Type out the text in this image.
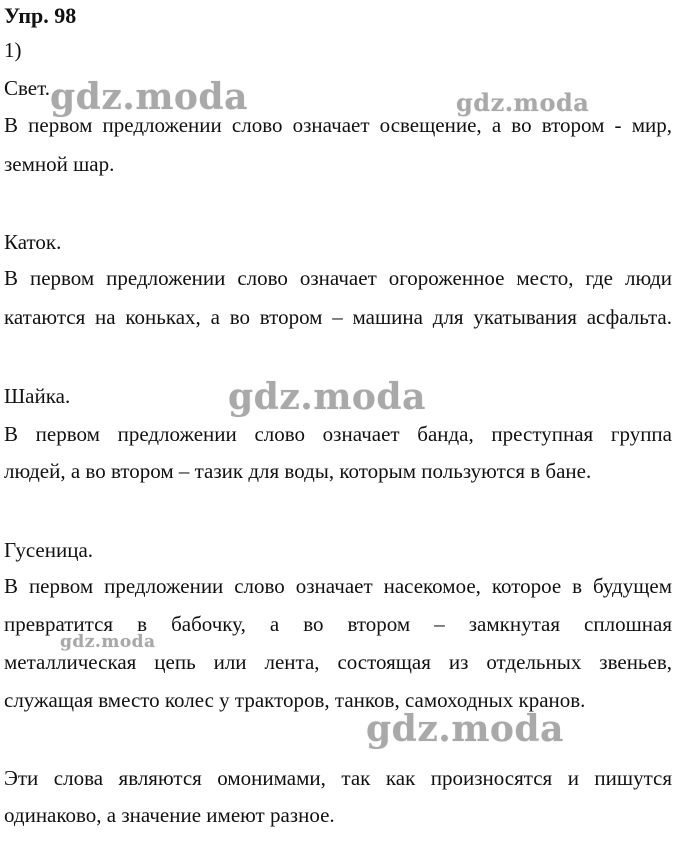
Упр. 98
1)
Свет.
В первом предложении слово означает освещение, а во втором - мир,
земной шар.
Каток.
В первом предложении слово означает огороженное место, где люди
катаются на коньках, а во втором – машина для укатывания асфальта.
Шайка.
В первом предложении слово означает банда, преступная группа
людей, а во втором – тазик для воды, которым пользуются в бане.
Гусеница.
В первом предложении слово означает насекомое, которое в будущем
превратится в бабочку, а во втором – замкнутая сплошная
металлическая цепь или лента, состоящая из отдельных звеньев,
служащая вместо колес у тракторов, танков, самоходных кранов.
Эти слова являются омонимами, так как произносятся и пишутся
одинаково, а значение имеют разное.
gdz.moda	gdz.moda
gdz.moda
gdz.moda
gdz.moda
